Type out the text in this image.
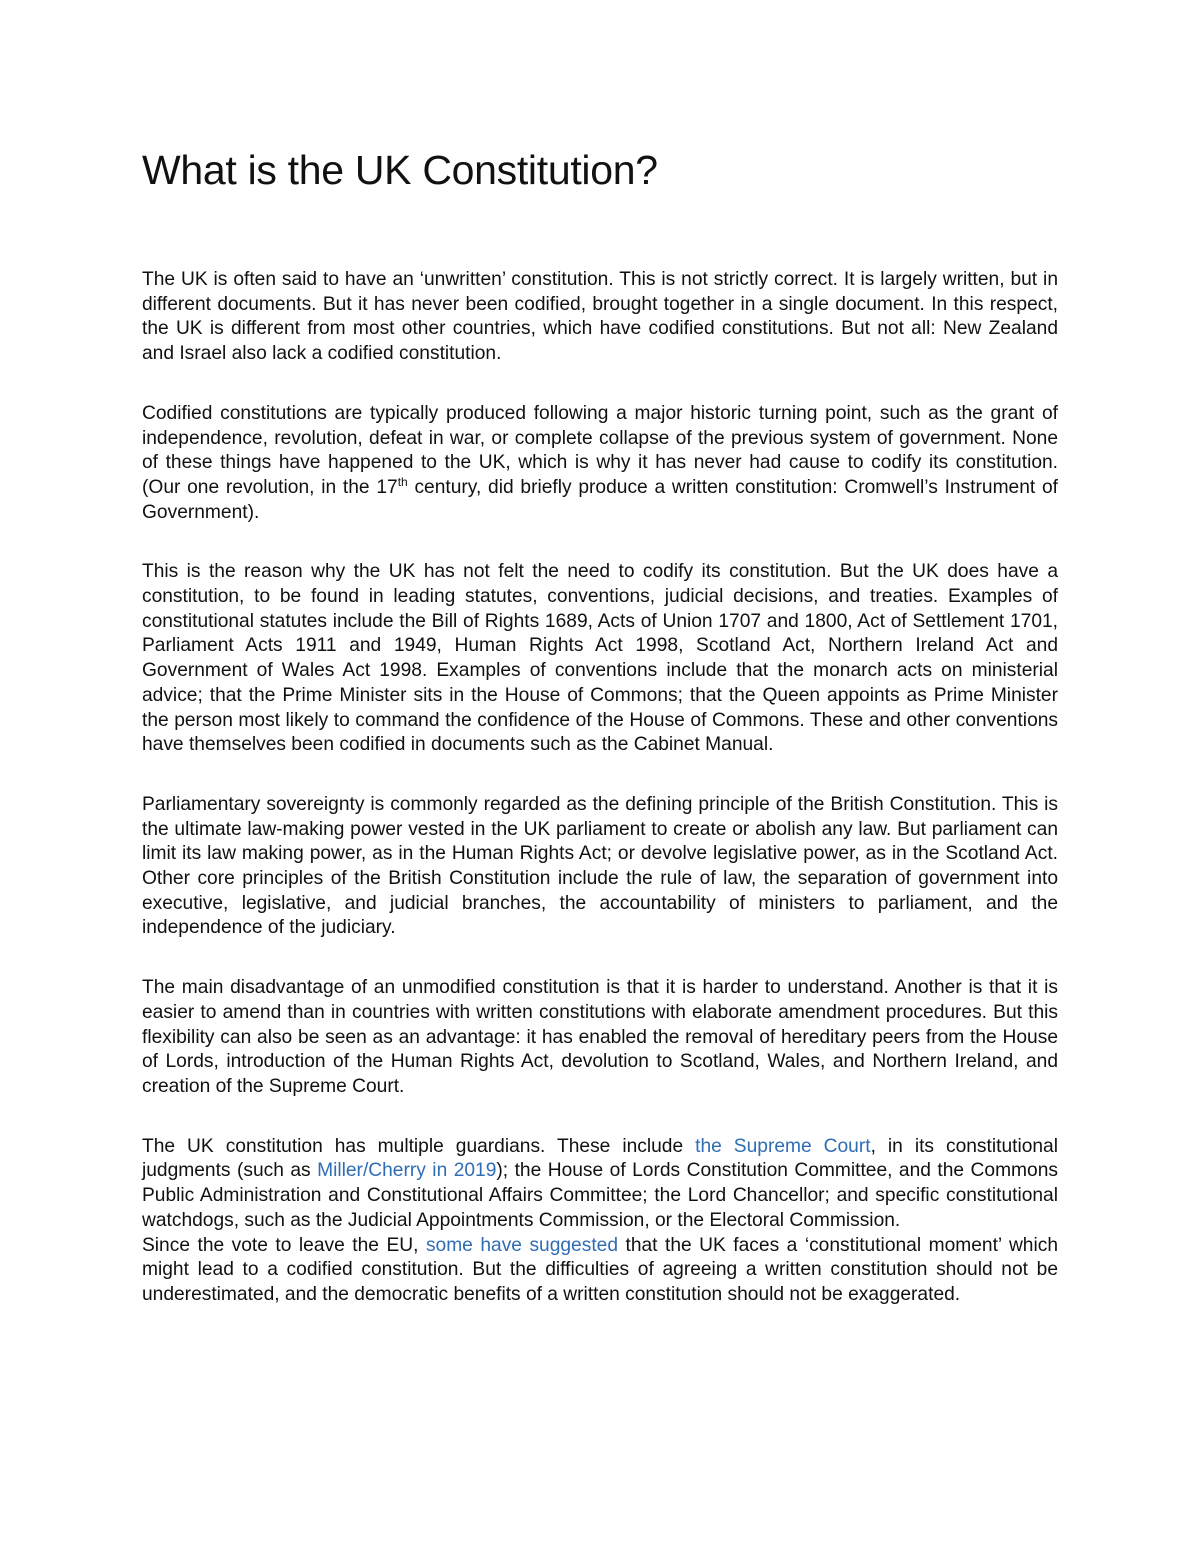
What is the UK Constitution?

The UK is often said to have an ‘unwritten’ constitution. This is not strictly correct. It is largely written, but in different documents. But it has never been codified, brought together in a single document. In this respect, the UK is different from most other countries, which have codified constitutions. But not all: New Zealand and Israel also lack a codified constitution.

Codified constitutions are typically produced following a major historic turning point, such as the grant of independence, revolution, defeat in war, or complete collapse of the previous system of government. None of these things have happened to the UK, which is why it has never had cause to codify its constitution. (Our one revolution, in the 17th century, did briefly produce a written constitution: Cromwell’s Instrument of Government).

This is the reason why the UK has not felt the need to codify its constitution. But the UK does have a constitution, to be found in leading statutes, conventions, judicial decisions, and treaties. Examples of constitutional statutes include the Bill of Rights 1689, Acts of Union 1707 and 1800, Act of Settlement 1701, Parliament Acts 1911 and 1949, Human Rights Act 1998, Scotland Act, Northern Ireland Act and Government of Wales Act 1998. Examples of conventions include that the monarch acts on ministerial advice; that the Prime Minister sits in the House of Commons; that the Queen appoints as Prime Minister the person most likely to command the confidence of the House of Commons. These and other conventions have themselves been codified in documents such as the Cabinet Manual.

Parliamentary sovereignty is commonly regarded as the defining principle of the British Constitution. This is the ultimate law-making power vested in the UK parliament to create or abolish any law. But parliament can limit its law making power, as in the Human Rights Act; or devolve legislative power, as in the Scotland Act. Other core principles of the British Constitution include the rule of law, the separation of government into executive, legislative, and judicial branches, the accountability of ministers to parliament, and the independence of the judiciary.

The main disadvantage of an unmodified constitution is that it is harder to understand. Another is that it is easier to amend than in countries with written constitutions with elaborate amendment procedures. But this flexibility can also be seen as an advantage: it has enabled the removal of hereditary peers from the House of Lords, introduction of the Human Rights Act, devolution to Scotland, Wales, and Northern Ireland, and creation of the Supreme Court.

The UK constitution has multiple guardians. These include the Supreme Court, in its constitutional judgments (such as Miller/Cherry in 2019); the House of Lords Constitution Committee, and the Commons Public Administration and Constitutional Affairs Committee; the Lord Chancellor; and specific constitutional watchdogs, such as the Judicial Appointments Commission, or the Electoral Commission.

Since the vote to leave the EU, some have suggested that the UK faces a ‘constitutional moment’ which might lead to a codified constitution. But the difficulties of agreeing a written constitution should not be underestimated, and the democratic benefits of a written constitution should not be exaggerated.
